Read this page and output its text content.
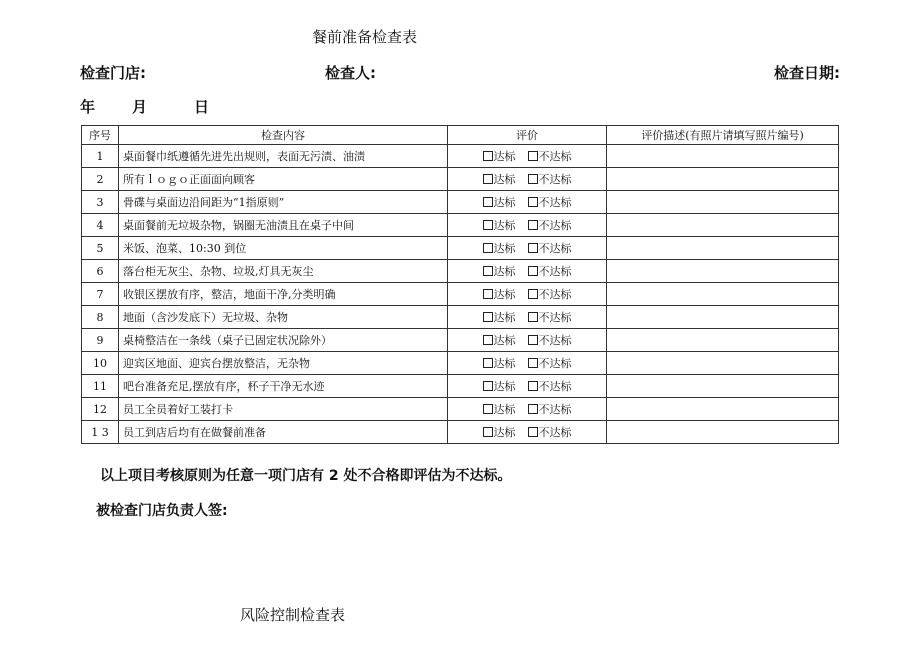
餐前准备检查表
检查门店:	检查人:	检查日期:
年 月	日
序号	检查内容	评价	评价描述(有照片请填写照片编号)
1	桌面餐巾纸遵循先进先出规则，表面无污渍、油渍	达标 不达标	
2	所有ｌｏｇｏ正面面向顾客	达标 不达标	
3	骨碟与桌面边沿间距为“1指原则”	达标 不达标	
4	桌面餐前无垃圾杂物，锅圈无油渍且在桌子中间	达标 不达标	
5	米饭、泡菜、10:30 到位	达标 不达标	
6	落台柜无灰尘、杂物、垃圾,灯具无灰尘	达标 不达标	
7	收银区摆放有序，整洁，地面干净,分类明确	达标 不达标	
8	地面（含沙发底下）无垃圾、杂物	达标 不达标	
9	桌椅整洁在一条线（桌子已固定状况除外）	达标 不达标	
10	迎宾区地面、迎宾台摆放整洁，无杂物	达标 不达标	
11	吧台准备充足,摆放有序，杯子干净无水迹	达标 不达标	
12	员工全员着好工装打卡	达标 不达标	
1 3	员工到店后均有在做餐前准备	达标 不达标	
以上项目考核原则为任意一项门店有 2 处不合格即评估为不达标。
被检查门店负责人签:
风险控制检查表
